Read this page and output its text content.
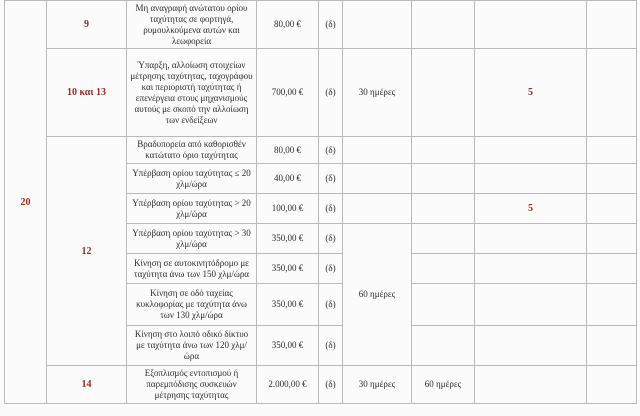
20	9	Μη αναγραφή ανώτατου ορίου ταχύτητας σε φορτηγά, ρυμουλκούμενα αυτών και λεωφορεία	80,00 €	(δ)				
	10 και 13	Ύπαρξη, αλλοίωση στοιχείων μέτρησης ταχύτητας, ταχογράφου και περιοριστή ταχύτητας ή επενέργεια στους μηχανισμούς αυτούς με σκοπό την αλλοίωση των ενδείξεων	700,00 €	(δ)	30 ημέρες		5	
	12	Βραδυπορεία από καθορισθέν κατώτατο όριο ταχύτητας	80,00 €	(δ)				
		Υπέρβαση ορίου ταχύτητας ≤ 20 χλμ/ώρα	40,00 €	(δ)				
		Υπέρβαση ορίου ταχύτητας > 20 χλμ/ώρα	100,00 €	(δ)			5	
		Υπέρβαση ορίου ταχύτητας > 30 χλμ/ώρα	350,00 €	(δ)	60 ημέρες			
		Κίνηση σε αυτοκινητόδρομο με ταχύτητα άνω των 150 χλμ/ώρα	350,00 €	(δ)				
		Κίνηση σε οδό ταχείας κυκλοφορίας με ταχύτητα άνω των 130 χλμ/ώρα	350,00 €	(δ)				
		Κίνηση στο λοιπό οδικό δίκτυο με ταχύτητα άνω των 120 χλμ/ώρα	350,00 €	(δ)				
	14	Εξοπλισμός εντοπισμού ή παρεμπόδισης συσκευών μέτρησης ταχύτητας	2.000,00 €	(δ)	30 ημέρες	60 ημέρες		
